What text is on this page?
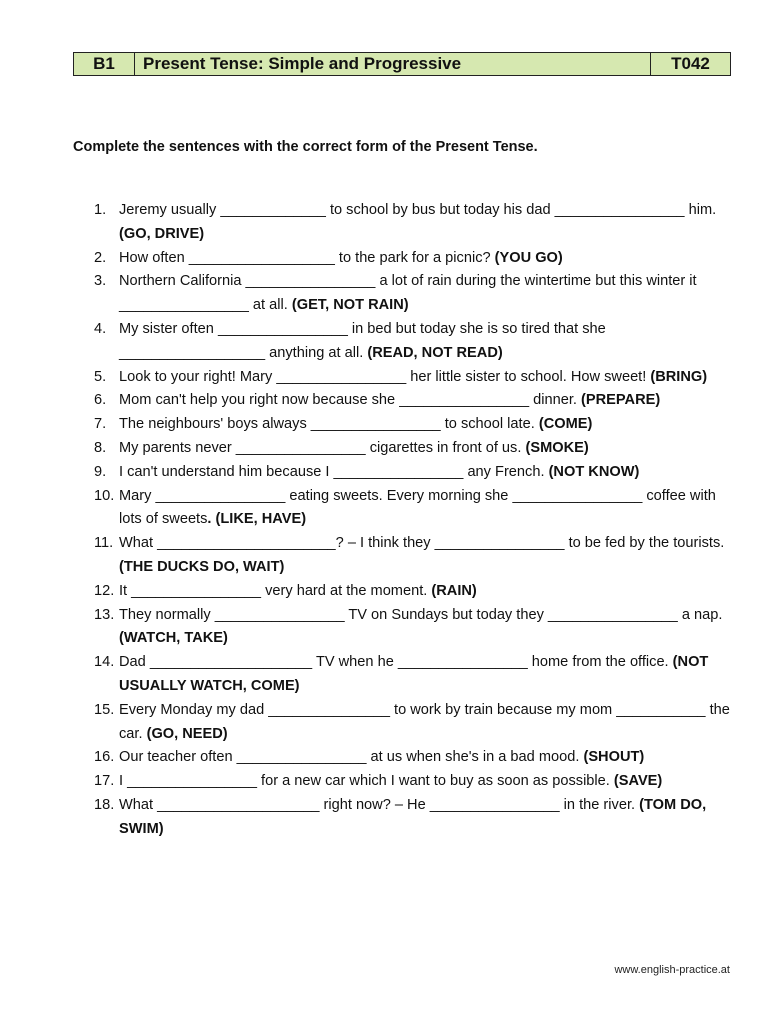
B1	Present Tense: Simple and Progressive	T042
Complete the sentences with the correct form of the Present Tense.
1. Jeremy usually _____________ to school by bus but today his dad ________________ him. (GO, DRIVE)
2. How often __________________ to the park for a picnic? (YOU GO)
3. Northern California ________________ a lot of rain during the wintertime but this winter it ________________ at all. (GET, NOT RAIN)
4. My sister often ________________ in bed but today she is so tired that she __________________ anything at all. (READ, NOT READ)
5. Look to your right! Mary ________________ her little sister to school. How sweet! (BRING)
6. Mom can't help you right now because she ________________ dinner. (PREPARE)
7. The neighbours' boys always ________________ to school late. (COME)
8. My parents never ________________ cigarettes in front of us. (SMOKE)
9. I can't understand him because I ________________ any French. (NOT KNOW)
10. Mary ________________ eating sweets. Every morning she ________________ coffee with lots of sweets. (LIKE, HAVE)
11. What ______________________? – I think they ________________ to be fed by the tourists. (THE DUCKS DO, WAIT)
12. It ________________ very hard at the moment. (RAIN)
13. They normally ________________ TV on Sundays but today they ________________ a nap. (WATCH, TAKE)
14. Dad ____________________ TV when he ________________ home from the office. (NOT USUALLY WATCH, COME)
15. Every Monday my dad _______________ to work by train because my mom ___________ the car. (GO, NEED)
16. Our teacher often ________________ at us when she's in a bad mood. (SHOUT)
17. I ________________ for a new car which I want to buy as soon as possible. (SAVE)
18. What ____________________ right now? – He ________________ in the river. (TOM DO, SWIM)
www.english-practice.at
